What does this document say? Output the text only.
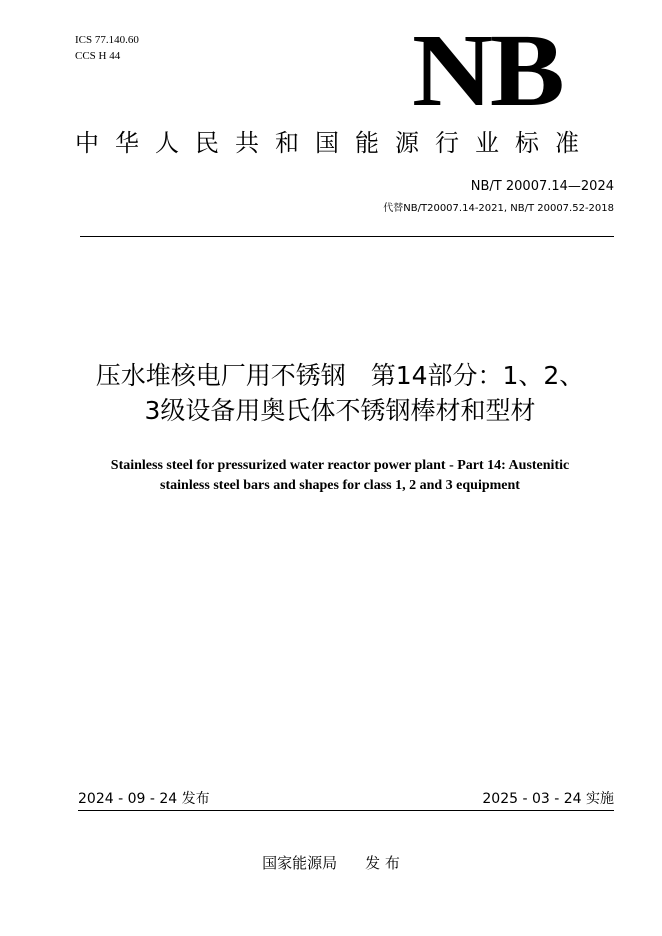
ICS 77.140.60
CCS H 44	NB
中华人民共和国能源行业标准
NB/T 20007.14—2024
代替NB/T20007.14-2021, NB/T 20007.52-2018
压水堆核电厂用不锈钢　第14部分：1、2、
3级设备用奥氏体不锈钢棒材和型材
Stainless steel for pressurized water reactor power plant - Part 14: Austenitic
stainless steel bars and shapes for class 1, 2 and 3 equipment
2024 - 09 - 24 发布	2025 - 03 - 24 实施
国家能源局 发 布
